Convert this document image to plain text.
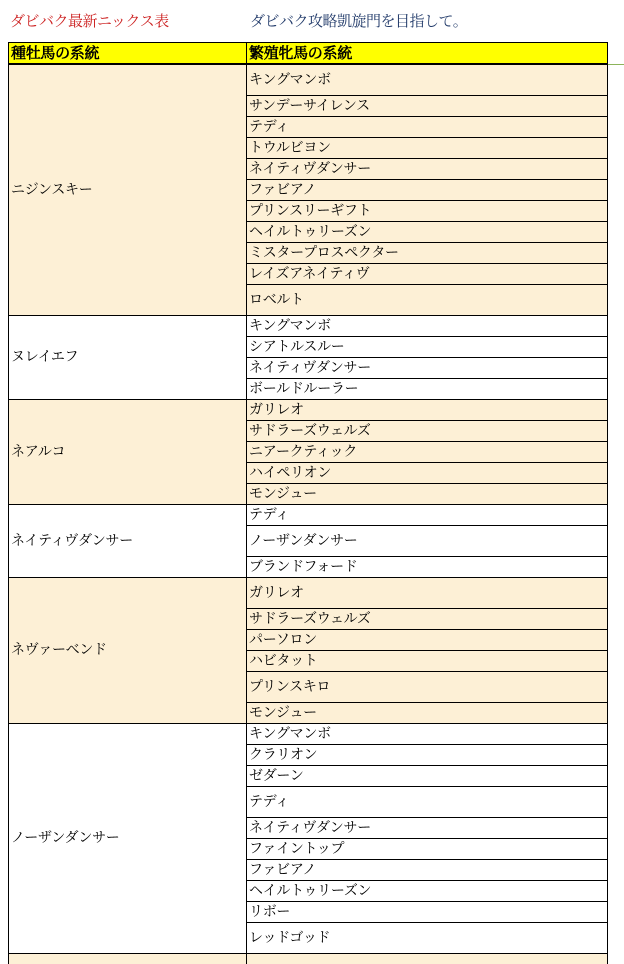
ダビバク最新ニックス表	ダビバク攻略凱旋門を目指して。
種牡馬の系統	繁殖牝馬の系統
ニジンスキー
キングマンボ
サンデーサイレンス
テディ
トウルビヨン
ネイティヴダンサー
ファビアノ
プリンスリーギフト
ヘイルトゥリーズン
ミスタープロスペクター
レイズアネイティヴ
ロベルト
ヌレイエフ
キングマンボ
シアトルスルー
ネイティヴダンサー
ボールドルーラー
ネアルコ
ガリレオ
サドラーズウェルズ
ニアークティック
ハイペリオン
モンジュー
ネイティヴダンサー
テディ
ノーザンダンサー
ブランドフォード
ネヴァーベンド
ガリレオ
サドラーズウェルズ
パーソロン
ハビタット
プリンスキロ
モンジュー
ノーザンダンサー
キングマンボ
クラリオン
ゼダーン
テディ
ネイティヴダンサー
ファイントップ
ファビアノ
ヘイルトゥリーズン
リボー
レッドゴッド
